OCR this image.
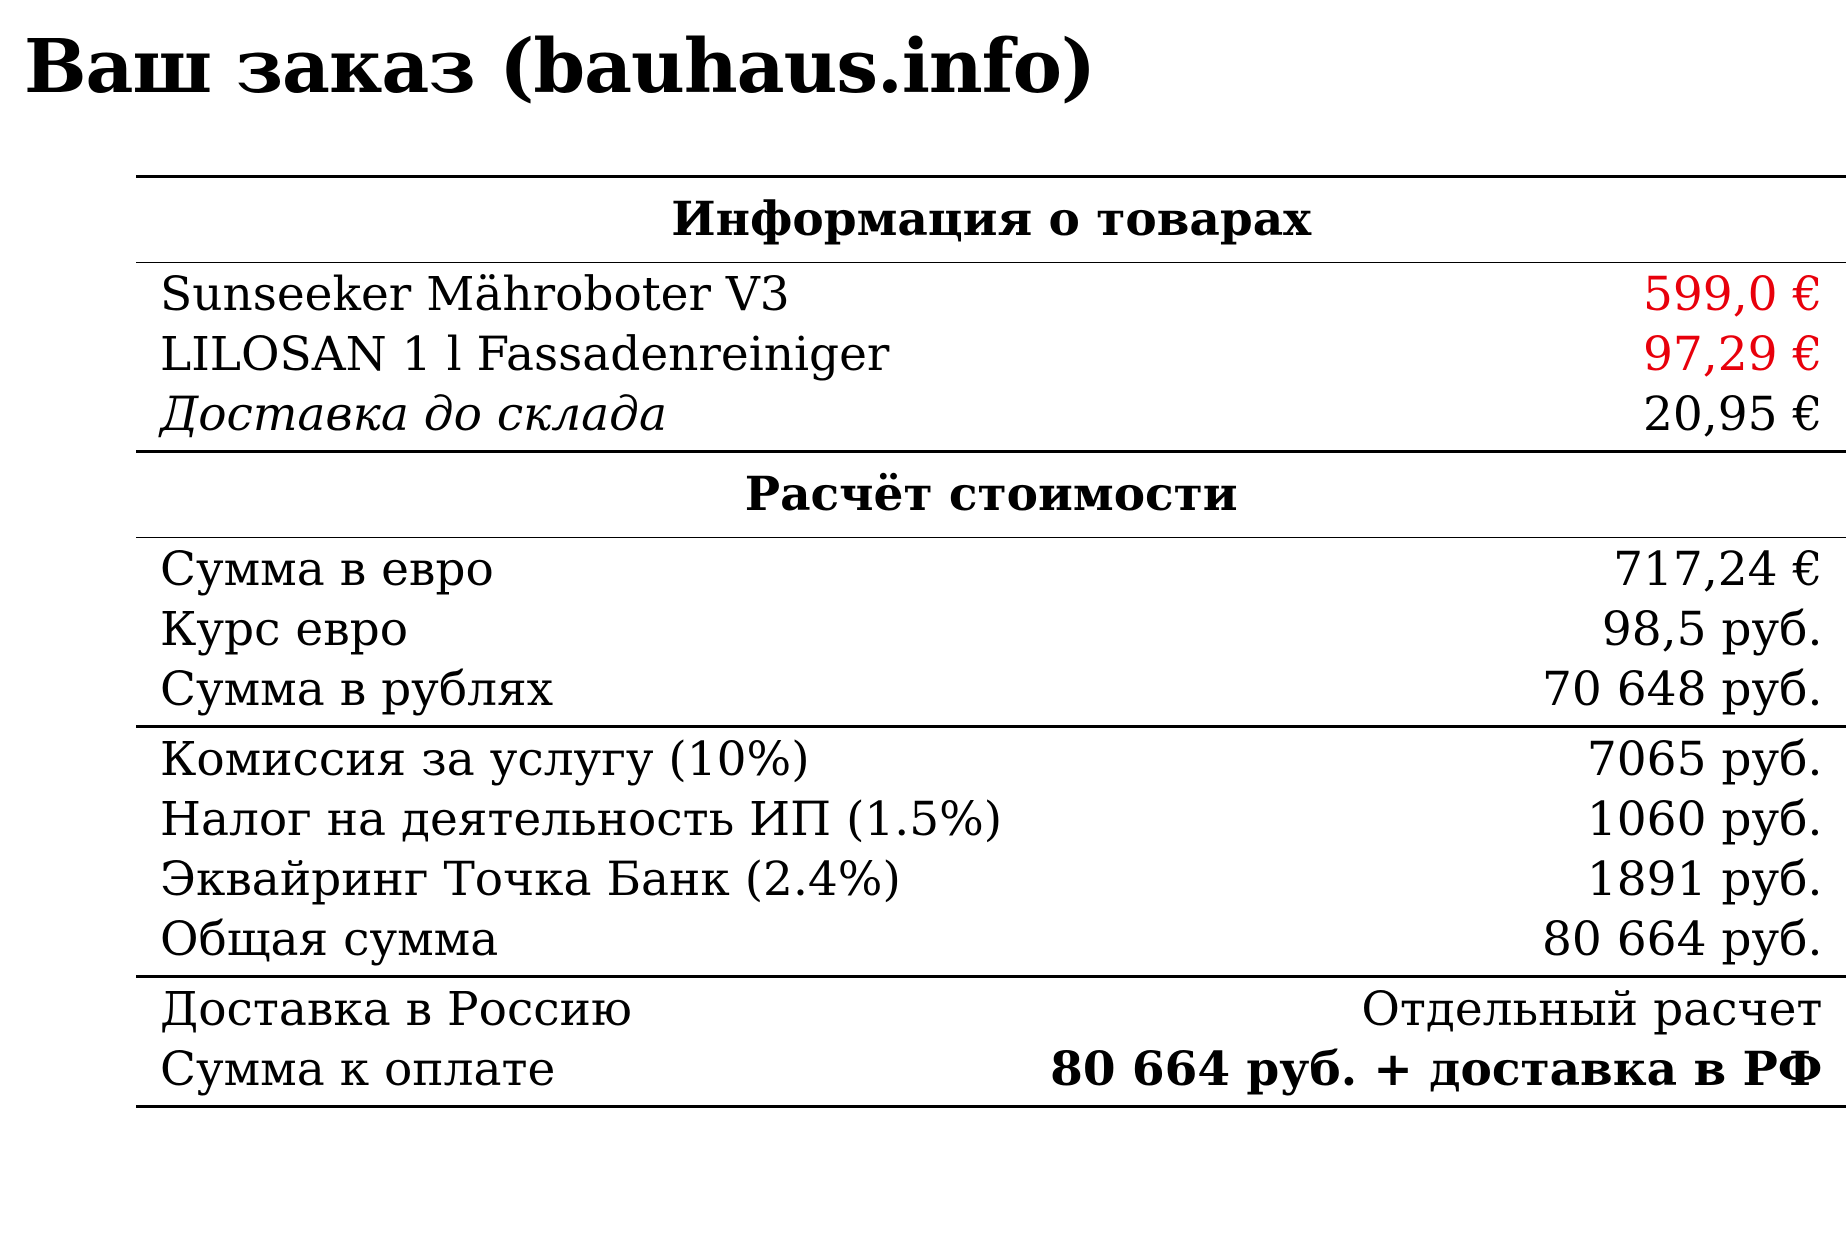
Ваш заказ (bauhaus.info)
Информация о товарах	
Sunseeker Mähroboter V3	599,0 €
LILOSAN 1 l Fassadenreiniger	97,29 €
Доставка до склада	20,95 €
Расчёт стоимости	
Сумма в евро	717,24 €
Курс евро	98,5 руб.
Сумма в рублях	70 648 руб.
Комиссия за услугу (10%)	7065 руб.
Налог на деятельность ИП (1.5%)	1060 руб.
Эквайринг Точка Банк (2.4%)	1891 руб.
Общая сумма	80 664 руб.
Доставка в Россию	Отдельный расчет
Сумма к оплате	80 664 руб. + доставка в РФ
